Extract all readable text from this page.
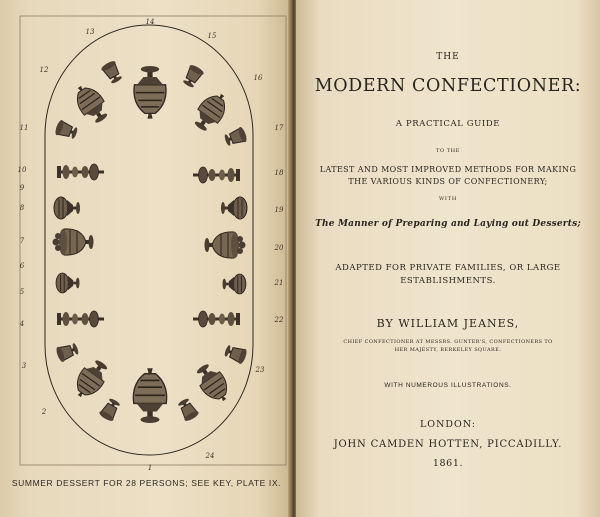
1
2
3
4
5
6
7
8
9
10
11
12
13
14
15
16
17
18
19
20
21
22
23
24
SUMMER DESSERT FOR 28 PERSONS; SEE KEY, PLATE IX.
THE
MODERN CONFECTIONER:
A PRACTICAL GUIDE
TO THE
LATEST AND MOST IMPROVED METHODS FOR MAKING
THE VARIOUS KINDS OF CONFECTIONERY;
WITH
The Manner of Preparing and Laying out Desserts;
ADAPTED FOR PRIVATE FAMILIES, OR LARGE
ESTABLISHMENTS.
BY WILLIAM JEANES,
CHIEF CONFECTIONER AT MESSRS. GUNTER'S, CONFECTIONERS TO
HER MAJESTY, BERKELEY SQUARE.
WITH NUMEROUS ILLUSTRATIONS.
LONDON:
JOHN CAMDEN HOTTEN, PICCADILLY.
1861.
